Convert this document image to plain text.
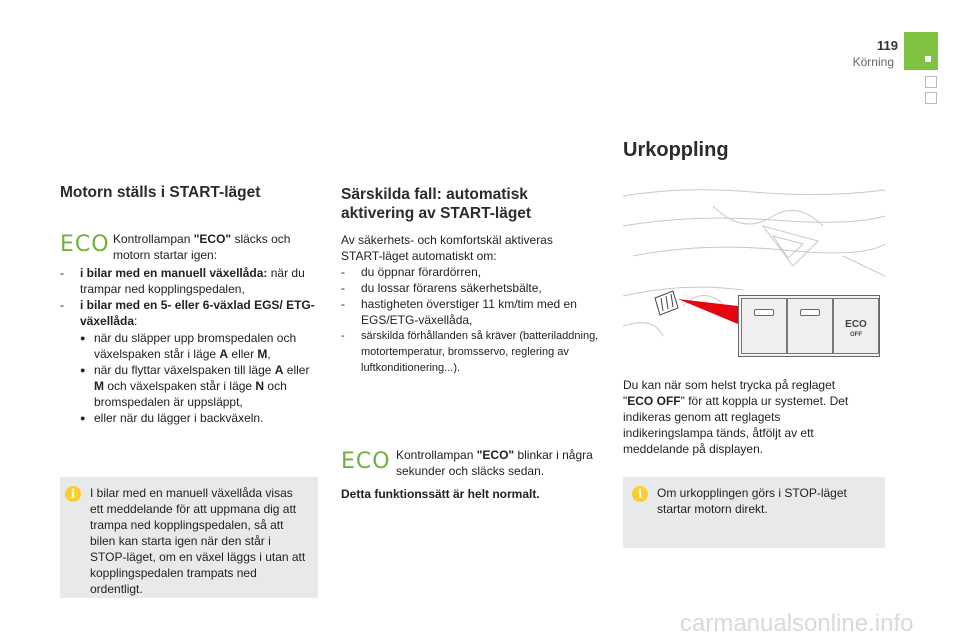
119
Körning
Motorn ställs i START-läget
ECO Kontrollampan "ECO" släcks och motorn startar igen:
- i bilar med en manuell växellåda: när du trampar ned kopplingspedalen,
- i bilar med en 5- eller 6-växlad EGS/ ETG-växellåda:
● när du släpper upp bromspedalen och växelspaken står i läge A eller M,
● när du flyttar växelspaken till läge A eller M och växelspaken står i läge N och bromspedalen är uppsläppt,
● eller när du lägger i backväxeln.
i	I bilar med en manuell växellåda visas ett meddelande för att uppmana dig att trampa ned kopplingspedalen, så att bilen kan starta igen när den står i STOP-läget, om en växel läggs i utan att kopplingspedalen trampats ned ordentligt.
Särskilda fall: automatisk aktivering av START-läget
Av säkerhets- och komfortskäl aktiveras START-läget automatiskt om:
- du öppnar förardörren,
- du lossar förarens säkerhetsbälte,
- hastigheten överstiger 11 km/tim med en EGS/ETG-växellåda,
- särskilda förhållanden så kräver (batteriladdning, motortemperatur, bromsservo, reglering av luftkonditionering...).
ECO Kontrollampan "ECO" blinkar i några sekunder och släcks sedan.
Detta funktionssätt är helt normalt.
Urkoppling
ECO
OFF
Du kan när som helst trycka på reglaget "ECO OFF" för att koppla ur systemet. Det indikeras genom att reglagets indikeringslampa tänds, åtföljt av ett meddelande på displayen.
i	Om urkopplingen görs i STOP-läget startar motorn direkt.
carmanualsonline.info
